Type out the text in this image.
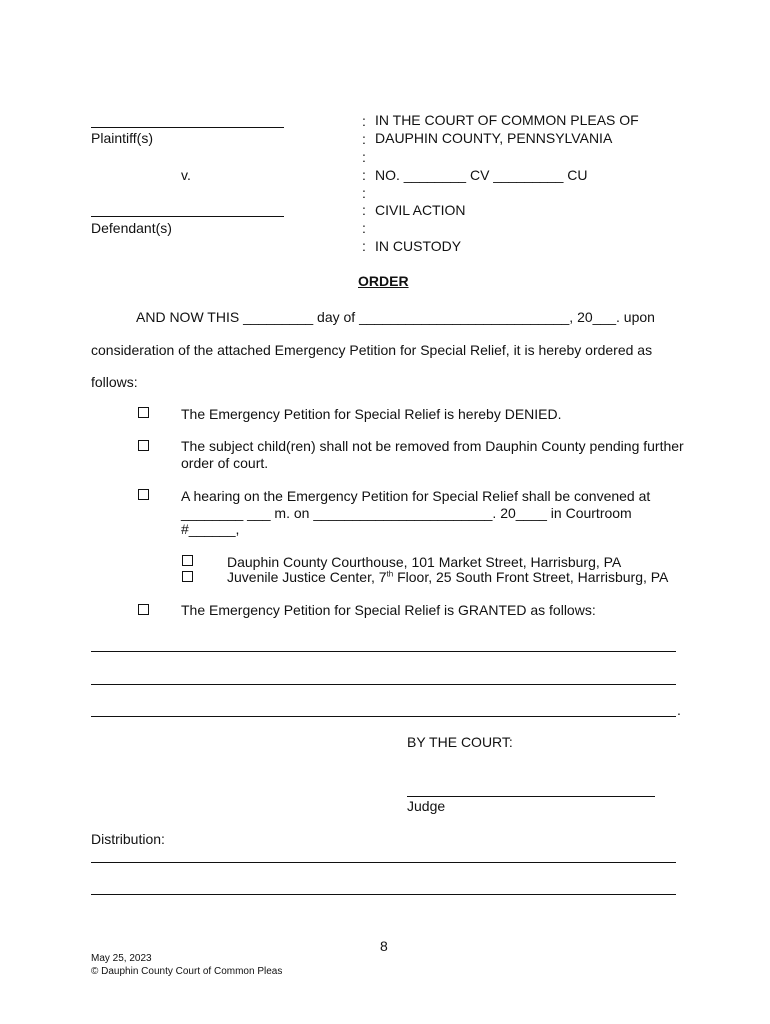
Plaintiff(s)
v.
Defendant(s)
:
:
:
:
:
:
:
:
IN THE COURT OF COMMON PLEAS OF
DAUPHIN COUNTY, PENNSYLVANIA
NO. ________ CV _________ CU
CIVIL ACTION
IN CUSTODY
ORDER
AND NOW THIS _________ day of ___________________________, 20___. upon
consideration of the attached Emergency Petition for Special Relief, it is hereby ordered as
follows:
The Emergency Petition for Special Relief is hereby DENIED.
The subject child(ren) shall not be removed from Dauphin County pending further
order of court.
A hearing on the Emergency Petition for Special Relief shall be convened at
________ ___ m. on _______________________. 20____ in Courtroom
#______,
Dauphin County Courthouse, 101 Market Street, Harrisburg, PA
Juvenile Justice Center, 7th Floor, 25 South Front Street, Harrisburg, PA
The Emergency Petition for Special Relief is GRANTED as follows:
.
BY THE COURT:
Judge
Distribution:
8
May 25, 2023
© Dauphin County Court of Common Pleas
